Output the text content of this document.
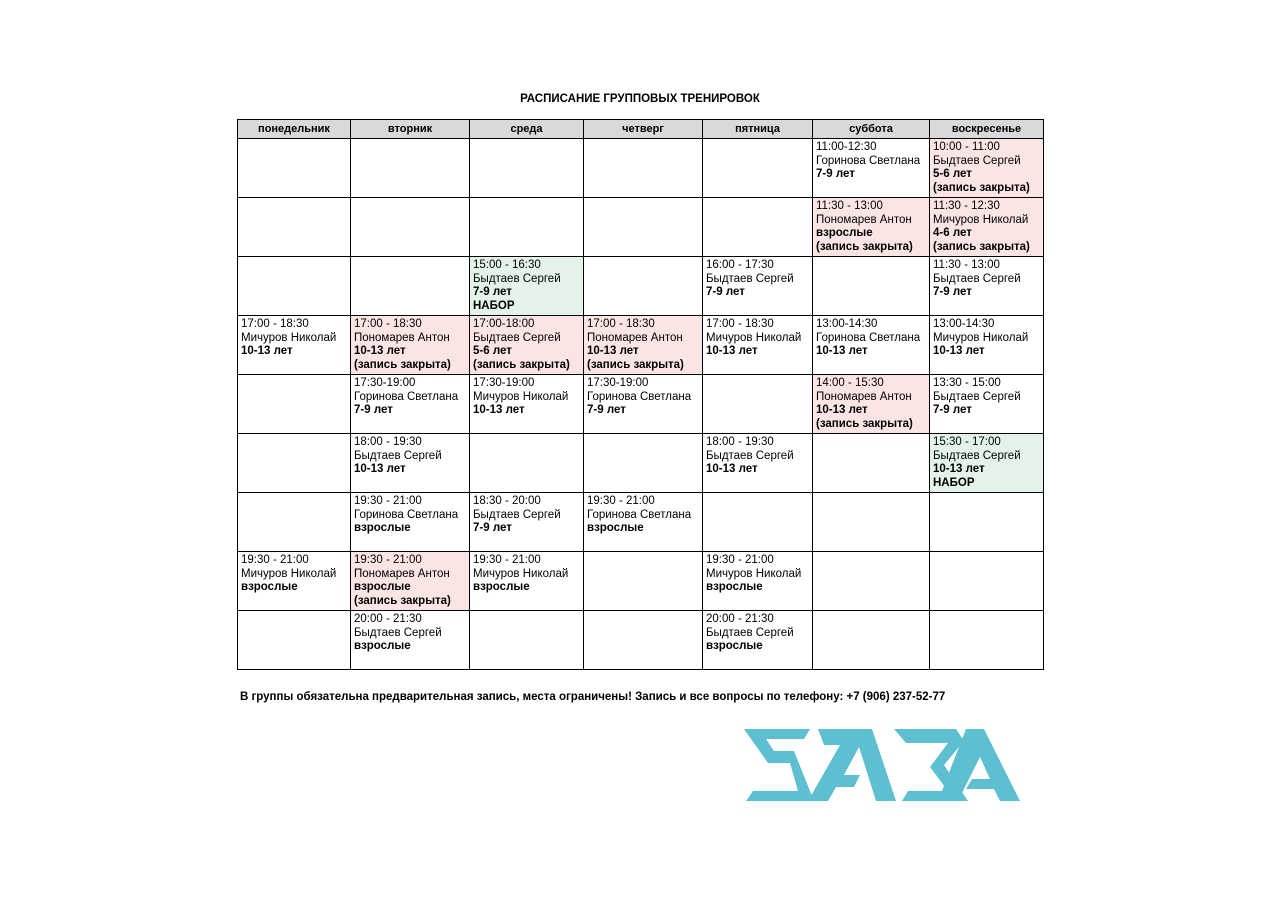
РАСПИСАНИЕ ГРУППОВЫХ ТРЕНИРОВОК
понедельник	вторник	среда	четверг	пятница	суббота	воскресенье

					11:00-12:30
Горинова Светлана
7-9 лет	10:00 - 11:00
Быдтаев Сергей
5-6 лет
(запись закрыта)

					11:30 - 13:00
Пономарев Антон
взрослые
(запись закрыта)	11:30 - 12:30
Мичуров Николай
4-6 лет
(запись закрыта)

		15:00 - 16:30
Быдтаев Сергей
7-9 лет
НАБОР		16:00 - 17:30
Быдтаев Сергей
7-9 лет		11:30 - 13:00
Быдтаев Сергей
7-9 лет

17:00 - 18:30
Мичуров Николай
10-13 лет	17:00 - 18:30
Пономарев Антон
10-13 лет
(запись закрыта)	17:00-18:00
Быдтаев Сергей
5-6 лет
(запись закрыта)	17:00 - 18:30
Пономарев Антон
10-13 лет
(запись закрыта)	17:00 - 18:30
Мичуров Николай
10-13 лет	13:00-14:30
Горинова Светлана
10-13 лет	13:00-14:30
Мичуров Николай
10-13 лет

	17:30-19:00
Горинова Светлана
7-9 лет	17:30-19:00
Мичуров Николай
10-13 лет	17:30-19:00
Горинова Светлана
7-9 лет		14:00 - 15:30
Пономарев Антон
10-13 лет
(запись закрыта)	13:30 - 15:00
Быдтаев Сергей
7-9 лет

	18:00 - 19:30
Быдтаев Сергей
10-13 лет			18:00 - 19:30
Быдтаев Сергей
10-13 лет		15:30 - 17:00
Быдтаев Сергей
10-13 лет
НАБОР

	19:30 - 21:00
Горинова Светлана
взрослые	18:30 - 20:00
Быдтаев Сергей
7-9 лет	19:30 - 21:00
Горинова Светлана
взрослые			

19:30 - 21:00
Мичуров Николай
взрослые	19:30 - 21:00
Пономарев Антон
взрослые
(запись закрыта)	19:30 - 21:00
Мичуров Николай
взрослые		19:30 - 21:00
Мичуров Николай
взрослые		

	20:00 - 21:30
Быдтаев Сергей
взрослые			20:00 - 21:30
Быдтаев Сергей
взрослые		

В группы обязательна предварительная запись, места ограничены! Запись и все вопросы по телефону: +7 (906) 237-52-77
